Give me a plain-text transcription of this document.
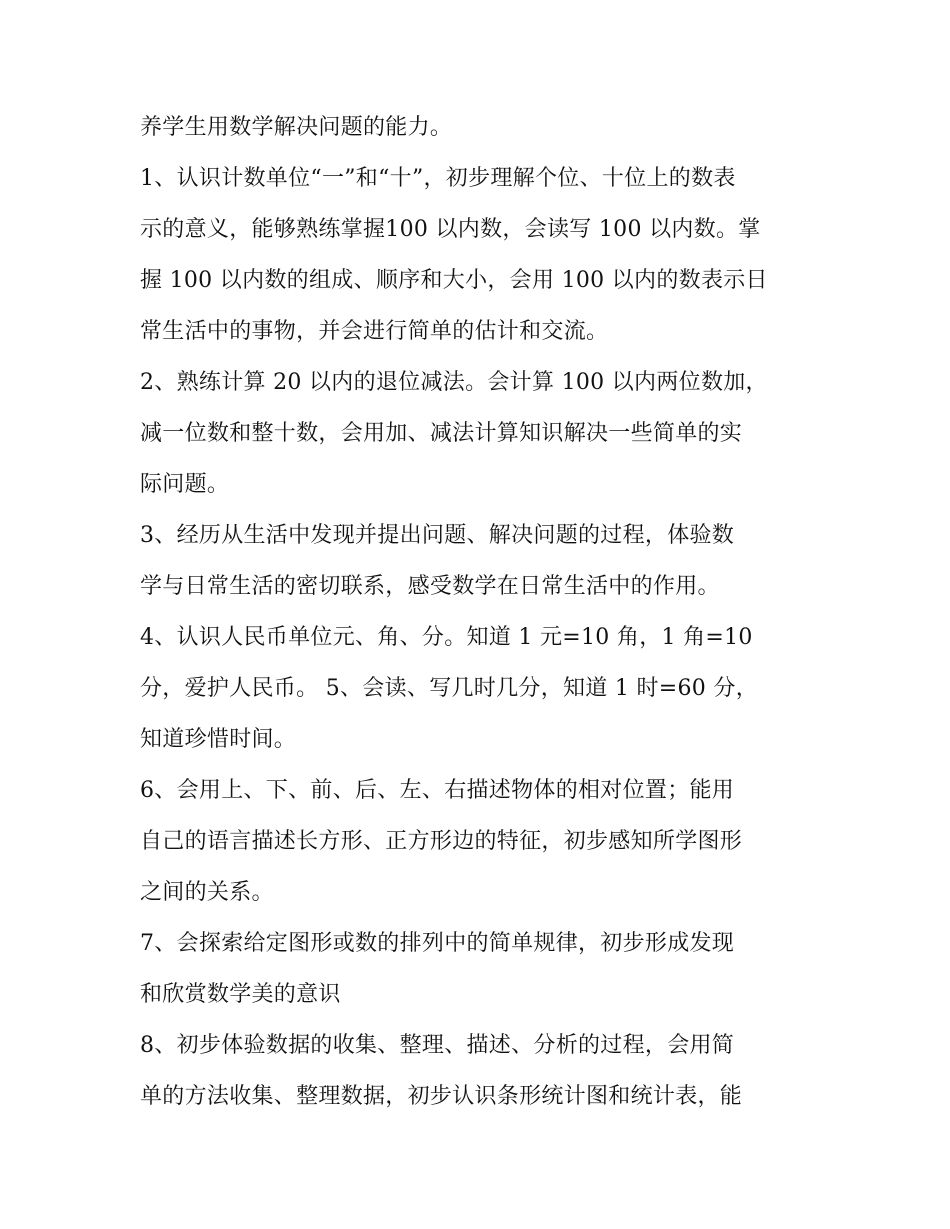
养学生用数学解决问题的能力。
1、认识计数单位“一”和“十”，初步理解个位、十位上的数表
示的意义，能够熟练掌握100 以内数，会读写 100 以内数。掌
握 100 以内数的组成、顺序和大小，会用 100 以内的数表示日
常生活中的事物，并会进行简单的估计和交流。
2、熟练计算 20 以内的退位减法。会计算 100 以内两位数加，
减一位数和整十数，会用加、减法计算知识解决一些简单的实
际问题。
3、经历从生活中发现并提出问题、解决问题的过程，体验数
学与日常生活的密切联系，感受数学在日常生活中的作用。
4、认识人民币单位元、角、分。知道 1 元=10 角，1 角=10
分，爱护人民币。 5、会读、写几时几分，知道 1 时=60 分，
知道珍惜时间。
6、会用上、下、前、后、左、右描述物体的相对位置；能用
自己的语言描述长方形、正方形边的特征，初步感知所学图形
之间的关系。
7、会探索给定图形或数的排列中的简单规律，初步形成发现
和欣赏数学美的意识
8、初步体验数据的收集、整理、描述、分析的过程，会用简
单的方法收集、整理数据，初步认识条形统计图和统计表，能
